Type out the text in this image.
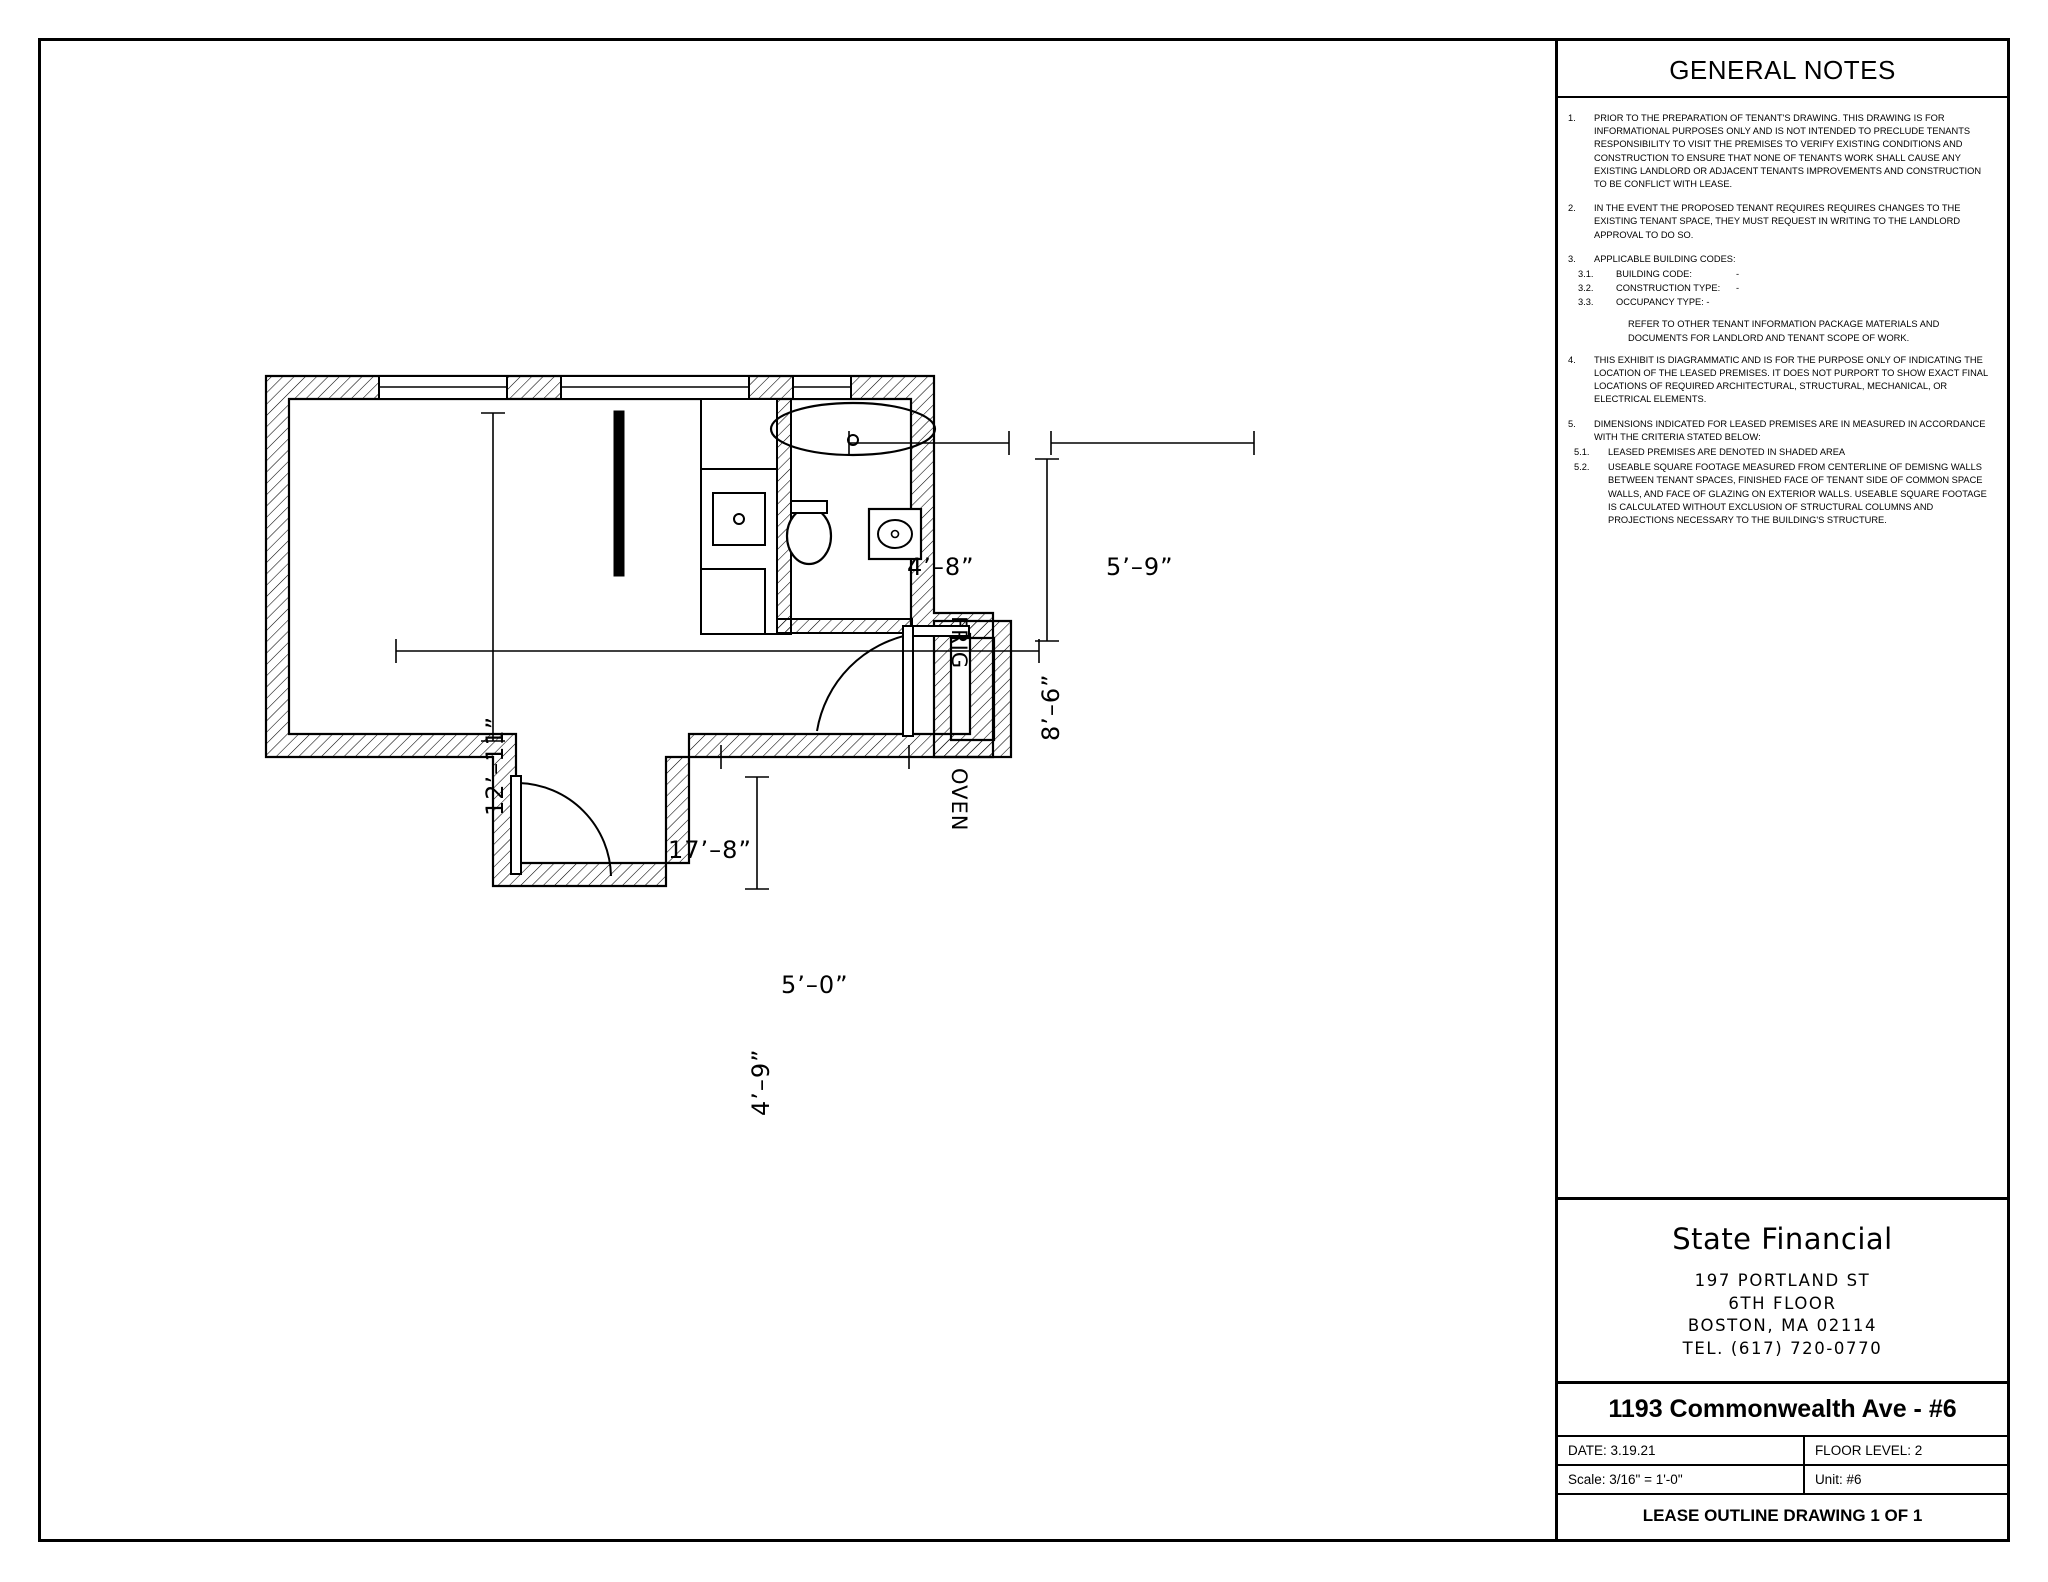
17’–8”
12’–11”
4’–8”	5’–9”
8’–6”
5’–0”
4’–9”
FRIG
OVEN
GENERAL NOTES
1.	PRIOR TO THE PREPARATION OF TENANT'S DRAWING. THIS DRAWING IS FOR INFORMATIONAL PURPOSES ONLY AND IS NOT INTENDED TO PRECLUDE TENANTS RESPONSIBILITY TO VISIT THE PREMISES TO VERIFY EXISTING CONDITIONS AND CONSTRUCTION TO ENSURE THAT NONE OF TENANTS WORK SHALL CAUSE ANY EXISTING LANDLORD OR ADJACENT TENANTS IMPROVEMENTS AND CONSTRUCTION TO BE CONFLICT WITH LEASE.
2.	IN THE EVENT THE PROPOSED TENANT REQUIRES REQUIRES CHANGES TO THE EXISTING TENANT SPACE, THEY MUST REQUEST IN WRITING TO THE LANDLORD APPROVAL TO DO SO.
3.	APPLICABLE BUILDING CODES:
3.1.	BUILDING CODE:	-
3.2.	CONSTRUCTION TYPE:	-
3.3.	OCCUPANCY TYPE: -
REFER TO OTHER TENANT INFORMATION PACKAGE MATERIALS AND DOCUMENTS FOR LANDLORD AND TENANT SCOPE OF WORK.
4.	THIS EXHIBIT IS DIAGRAMMATIC AND IS FOR THE PURPOSE ONLY OF INDICATING THE LOCATION OF THE LEASED PREMISES. IT DOES NOT PURPORT TO SHOW EXACT FINAL LOCATIONS OF REQUIRED ARCHITECTURAL, STRUCTURAL, MECHANICAL, OR ELECTRICAL ELEMENTS.
5.	DIMENSIONS INDICATED FOR LEASED PREMISES ARE IN MEASURED IN ACCORDANCE WITH THE CRITERIA STATED BELOW:
5.1.	LEASED PREMISES ARE DENOTED IN SHADED AREA
5.2.	USEABLE SQUARE FOOTAGE MEASURED FROM CENTERLINE OF DEMISNG WALLS BETWEEN TENANT SPACES, FINISHED FACE OF TENANT SIDE OF COMMON SPACE WALLS, AND FACE OF GLAZING ON EXTERIOR WALLS. USEABLE SQUARE FOOTAGE IS CALCULATED WITHOUT EXCLUSION OF STRUCTURAL COLUMNS AND PROJECTIONS NECESSARY TO THE BUILDING'S STRUCTURE.
State Financial
197 PORTLAND ST
6TH FLOOR
BOSTON, MA 02114
TEL. (617) 720-0770
1193 Commonwealth Ave - #6
DATE: 3.19.21	FLOOR LEVEL: 2
Scale: 3/16" = 1'-0"	Unit: #6
LEASE OUTLINE DRAWING 1 OF 1
